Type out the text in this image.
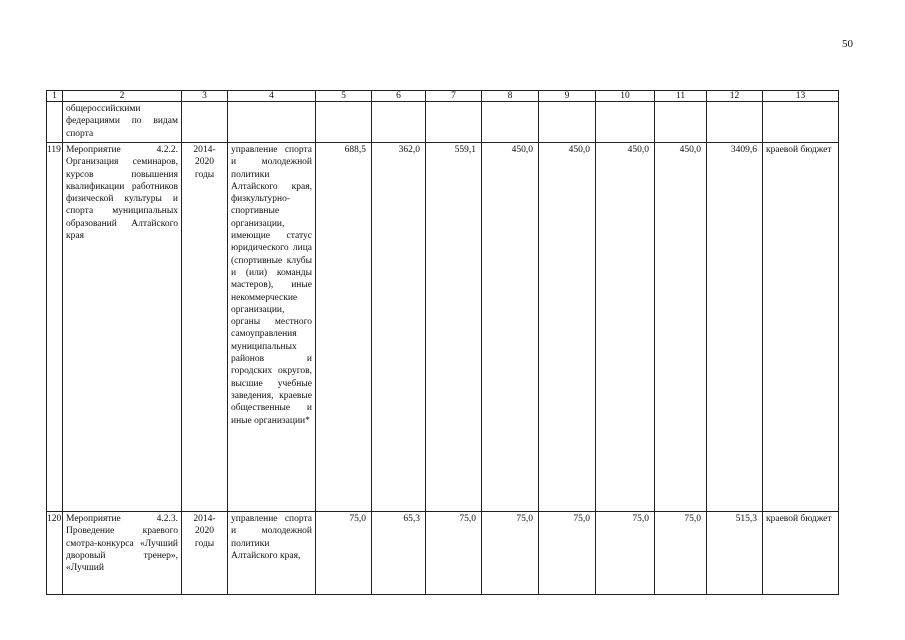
50
1	2	3	4	5	6	7	8	9	10	11	12	13
	общероссийскими федерациями по видам спорта											
119	Мероприятие 4.2.2. Организация семинаров, курсов повышения квалификации работников физической культуры и спорта муниципальных образований Алтайского края	2014-2020 годы	управление спорта и молодежной политики Алтайского края, физкультурно-спортивные организации, имеющие статус юридического лица (спортивные клубы и (или) команды мастеров), иные некоммерческие организации, органы местного самоуправления муниципальных районов и городских округов, высшие учебные заведения, краевые общественные и иные организации*	688,5	362,0	559,1	450,0	450,0	450,0	450,0	3409,6	краевой бюджет
120	Мероприятие 4.2.3. Проведение краевого смотра-конкурса «Лучший дворовый тренер», «Лучший	2014-2020 годы	управление спорта и молодежной политики Алтайского края,	75,0	65,3	75,0	75,0	75,0	75,0	75,0	515,3	краевой бюджет
